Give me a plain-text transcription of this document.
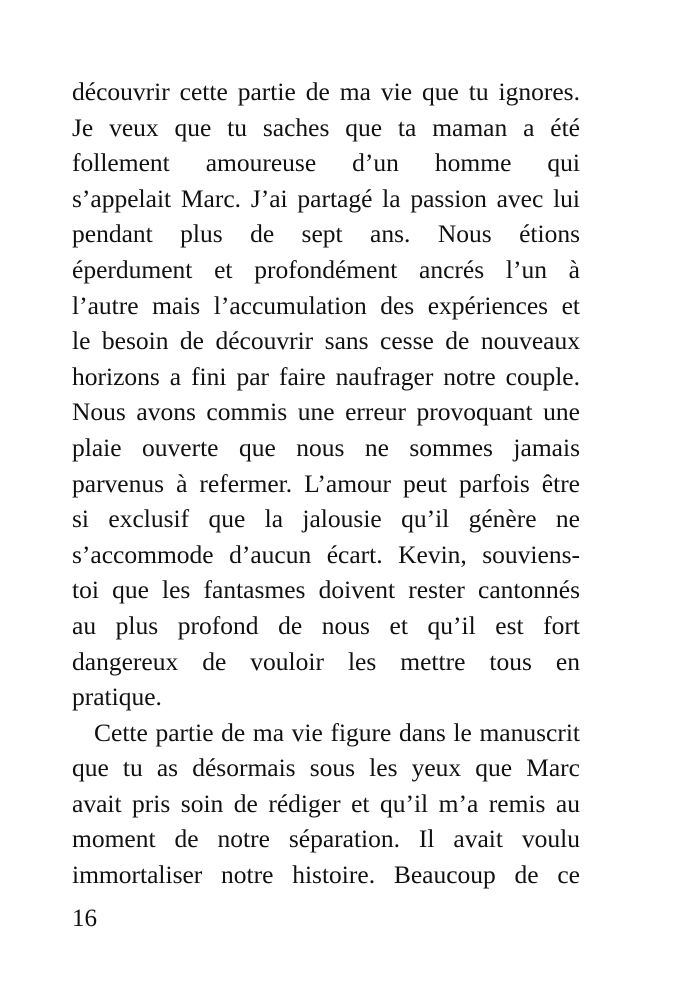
découvrir cette partie de ma vie que tu ignores.
Je veux que tu saches que ta maman a été
follement amoureuse d’un homme qui
s’appelait Marc. J’ai partagé la passion avec lui
pendant plus de sept ans. Nous étions
éperdument et profondément ancrés l’un à
l’autre mais l’accumulation des expériences et
le besoin de découvrir sans cesse de nouveaux
horizons a fini par faire naufrager notre couple.
Nous avons commis une erreur provoquant une
plaie ouverte que nous ne sommes jamais
parvenus à refermer. L’amour peut parfois être
si exclusif que la jalousie qu’il génère ne
s’accommode d’aucun écart. Kevin, souviens-
toi que les fantasmes doivent rester cantonnés
au plus profond de nous et qu’il est fort
dangereux de vouloir les mettre tous en
pratique.
Cette partie de ma vie figure dans le manuscrit
que tu as désormais sous les yeux que Marc
avait pris soin de rédiger et qu’il m’a remis au
moment de notre séparation. Il avait voulu
immortaliser notre histoire. Beaucoup de ce
16
